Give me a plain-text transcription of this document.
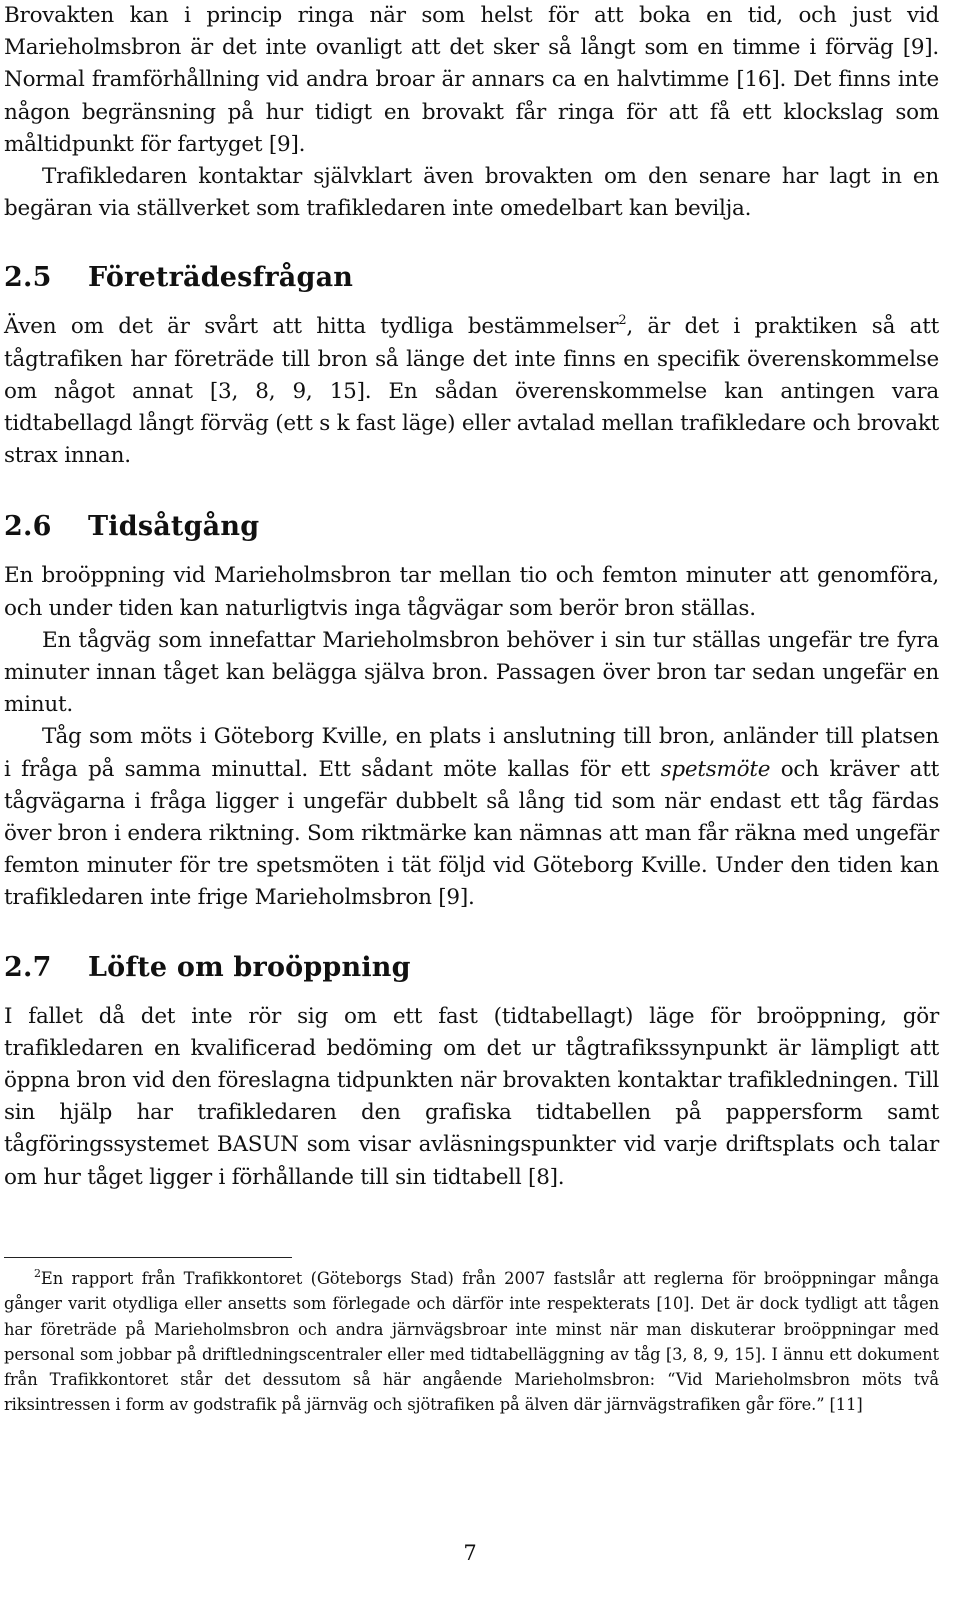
Brovakten kan i princip ringa när som helst för att boka en tid, och just vid Marieholmsbron är det inte ovanligt att det sker så långt som en timme i förväg [9]. Normal framförhållning vid andra broar är annars ca en halvtimme [16]. Det finns inte någon begränsning på hur tidigt en brovakt får ringa för att få ett klockslag som måltidpunkt för fartyget [9].

Trafikledaren kontaktar självklart även brovakten om den senare har lagt in en begäran via ställverket som trafikledaren inte omedelbart kan bevilja.

2.5 Företrädesfrågan

Även om det är svårt att hitta tydliga bestämmelser$^2$, är det i praktiken så att tågtrafiken har företräde till bron så länge det inte finns en specifik överenskommelse om något annat [3, 8, 9, 15]. En sådan överenskommelse kan antingen vara tidtabellagd långt förväg (ett s k fast läge) eller avtalad mellan trafikledare och brovakt strax innan.

2.6 Tidsåtgång

En broöppning vid Marieholmsbron tar mellan tio och femton minuter att genomföra, och under tiden kan naturligtvis inga tågvägar som berör bron ställas.

En tågväg som innefattar Marieholmsbron behöver i sin tur ställas ungefär tre fyra minuter innan tåget kan belägga själva bron. Passagen över bron tar sedan ungefär en minut.

Tåg som möts i Göteborg Kville, en plats i anslutning till bron, anländer till platsen i fråga på samma minuttal. Ett sådant möte kallas för ett spetsmöte och kräver att tågvägarna i fråga ligger i ungefär dubbelt så lång tid som när endast ett tåg färdas över bron i endera riktning. Som riktmärke kan nämnas att man får räkna med ungefär femton minuter för tre spetsmöten i tät följd vid Göteborg Kville. Under den tiden kan trafikledaren inte frige Marieholmsbron [9].

2.7 Löfte om broöppning

I fallet då det inte rör sig om ett fast (tidtabellagt) läge för broöppning, gör trafikledaren en kvalificerad bedöming om det ur tågtrafikssynpunkt är lämpligt att öppna bron vid den föreslagna tidpunkten när brovakten kontaktar trafikledningen. Till sin hjälp har trafikledaren den grafiska tidtabellen på pappersform samt tågföringssystemet BASUN som visar avläsningspunkter vid varje driftsplats och talar om hur tåget ligger i förhållande till sin tidtabell [8].

$^2$En rapport från Trafikkontoret (Göteborgs Stad) från 2007 fastslår att reglerna för broöppningar många gånger varit otydliga eller ansetts som förlegade och därför inte respekterats [10]. Det är dock tydligt att tågen har företräde på Marieholmsbron och andra järnvägsbroar inte minst när man diskuterar broöppningar med personal som jobbar på driftledningscentraler eller med tidtabelläggning av tåg [3, 8, 9, 15]. I ännu ett dokument från Trafikkontoret står det dessutom så här angående Marieholmsbron: “Vid Marieholmsbron möts två riksintressen i form av godstrafik på järnväg och sjötrafiken på älven där järnvägstrafiken går före.” [11]

7
